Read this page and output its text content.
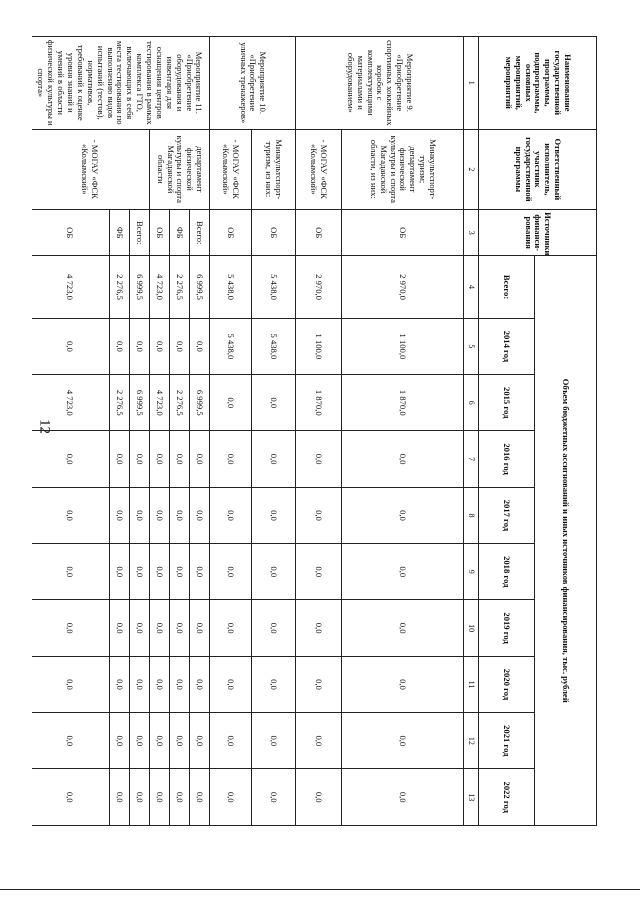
12
Наименование государственной программы, подпрограммы, основных мероприятий, мероприятий	Ответственный исполнитель, участник государственной программы	Источники финанси-рования	Объем бюджетных ассигнований и иных источников финансирования, тыс. рублей									
			Всего:	2014 год	2015 год	2016 год	2017 год	2018 год	2019 год	2020 год	2021 год	2022 год
1	2	3	4	5	6	7	8	9	10	11	12	13
Мероприятие 9. «Приобретение спортивных хоккейных коробок с комплектующими материалами и оборудованием»	Минкультспорт-туризм; департамент физической культуры и спорта Магаданской области, из них:	ОБ	2 970,0	1 100,0	1 870,0	0,0	0,0	0,0	0,0	0,0	0,0	0,0
	- МОГАУ «ФСК «Колымский»	ОБ	2 970,0	1 100,0	1 870,0	0,0	0,0	0,0	0,0	0,0	0,0	0,0
Мероприятие 10. «Приобретение уличных тренажеров»	Минкультспорт-туризм, из них:	ОБ	5 438,0	5 438,0	0,0	0,0	0,0	0,0	0,0	0,0	0,0	0,0
	- МОГАУ «ФСК «Колымский»	ОБ	5 438,0	5 438,0	0,0	0,0	0,0	0,0	0,0	0,0	0,0	0,0
Мероприятие 11. «Приобретение оборудования и инвентаря для оснащения центров тестирования в рамках комплекса ГТО, включающих в себя места тестирования по выполнению видов испытаний (тестов), нормативов, требований к оценке уровня знаний и умений в области физической культуры и спорта»	департамент физической культуры и спорта Магаданской области	Всего:	6 999,5	0,0	6 999,5	0,0	0,0	0,0	0,0	0,0	0,0	0,0
		ФБ	2 276,5	0,0	2 276,5	0,0	0,0	0,0	0,0	0,0	0,0	0,0
		ОБ	4 723,0	0,0	4 723,0	0,0	0,0	0,0	0,0	0,0	0,0	0,0
	- МОГАУ «ФСК «Колымский»	Всего:	6 999,5	0,0	6 999,5	0,0	0,0	0,0	0,0	0,0	0,0	0,0
		ФБ	2 276,5	0,0	2 276,5	0,0	0,0	0,0	0,0	0,0	0,0	0,0
		ОБ	4 723,0	0,0	4 723,0	0,0	0,0	0,0	0,0	0,0	0,0	0,0
